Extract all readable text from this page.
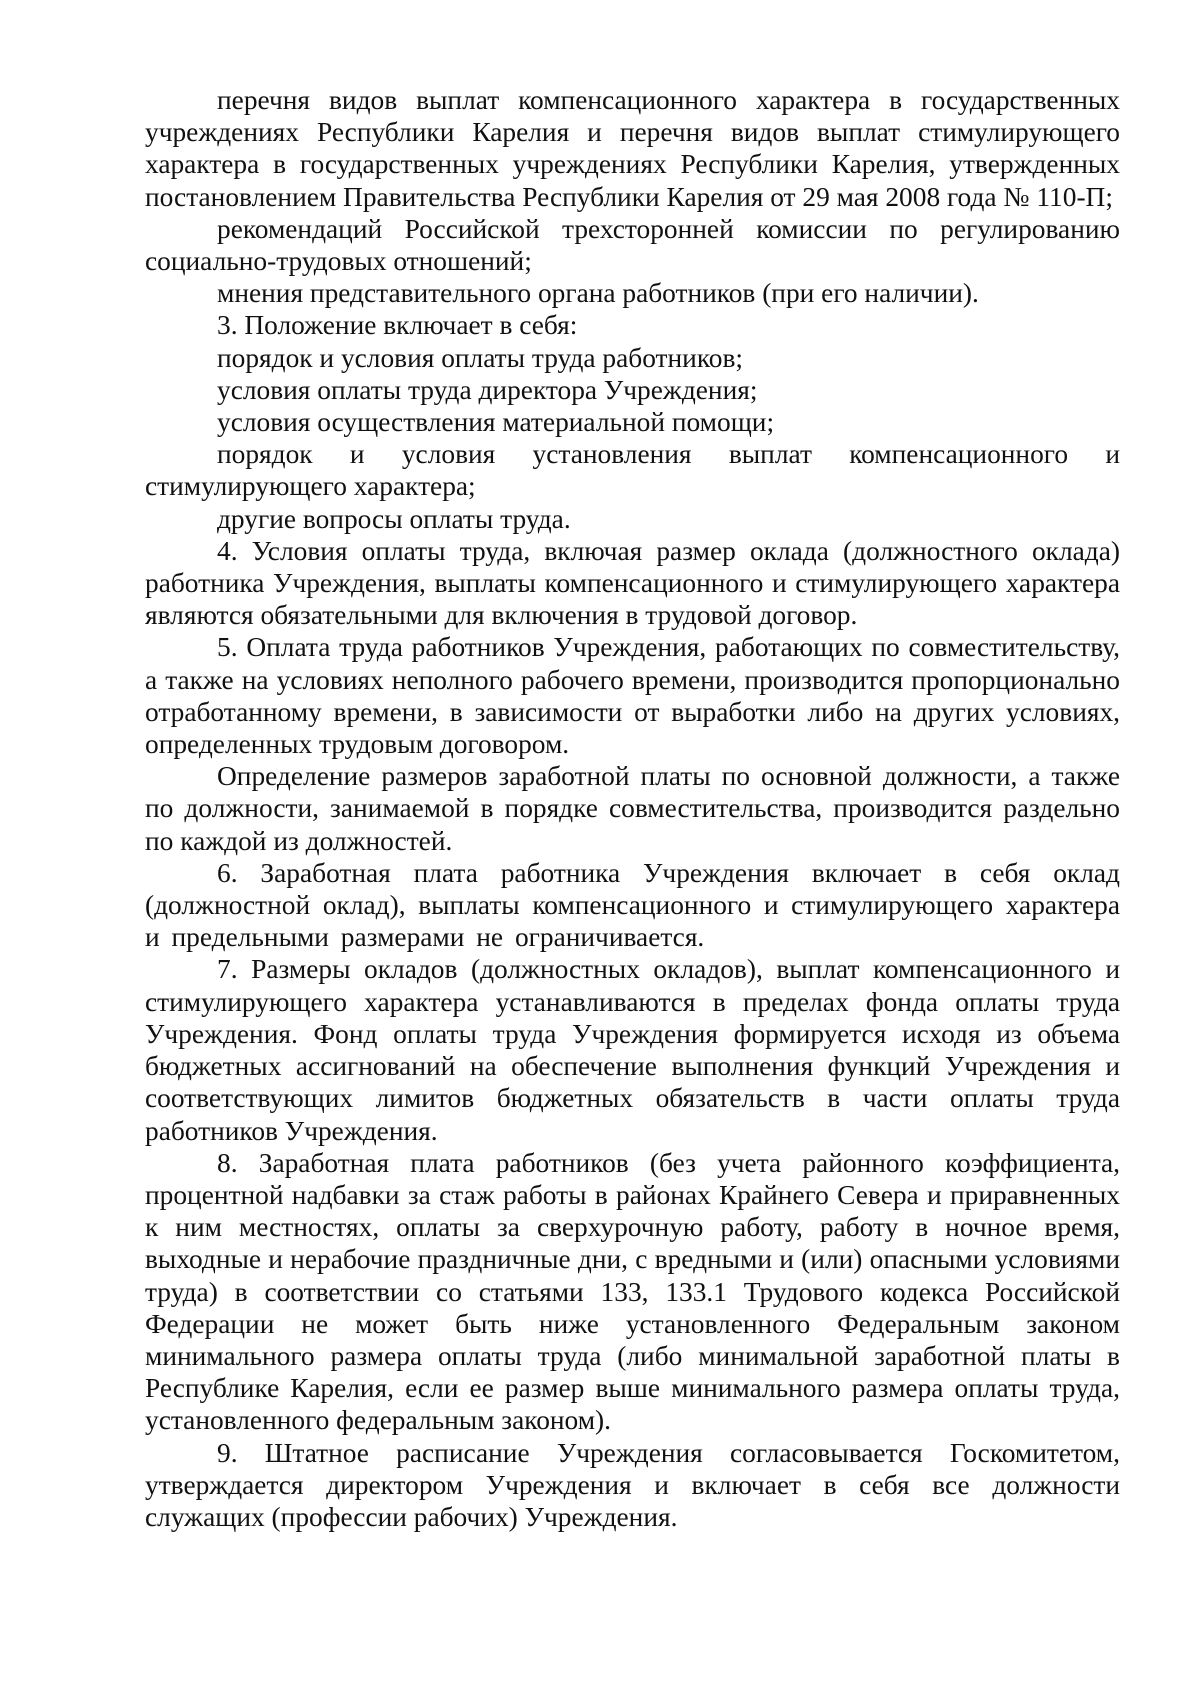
перечня видов выплат компенсационного характера в государственных учреждениях Республики Карелия и перечня видов выплат стимулирующего характера в государственных учреждениях Республики Карелия, утвержденных постановлением Правительства Республики Карелия от 29 мая 2008 года № 110-П;

рекомендаций Российской трехсторонней комиссии по регулированию социально-трудовых отношений;

мнения представительного органа работников (при его наличии).

3. Положение включает в себя:

порядок и условия оплаты труда работников;

условия оплаты труда директора Учреждения;

условия осуществления материальной помощи;

порядок и условия установления выплат компенсационного и стимулирующего характера;

другие вопросы оплаты труда.

4. Условия оплаты труда, включая размер оклада (должностного оклада) работника Учреждения, выплаты компенсационного и стимулирующего характера являются обязательными для включения в трудовой договор.

5. Оплата труда работников Учреждения, работающих по совместительству, а также на условиях неполного рабочего времени, производится пропорционально отработанному времени, в зависимости от выработки либо на других условиях, определенных трудовым договором.

Определение размеров заработной платы по основной должности, а также по должности, занимаемой в порядке совместительства, производится раздельно по каждой из должностей.

6. Заработная плата работника Учреждения включает в себя оклад (должностной оклад), выплаты компенсационного и стимулирующего характера и предельными размерами не ограничивается.

7. Размеры окладов (должностных окладов), выплат компенсационного и стимулирующего характера устанавливаются в пределах фонда оплаты труда Учреждения. Фонд оплаты труда Учреждения формируется исходя из объема бюджетных ассигнований на обеспечение выполнения функций Учреждения и соответствующих лимитов бюджетных обязательств в части оплаты труда работников Учреждения.

8. Заработная плата работников (без учета районного коэффициента, процентной надбавки за стаж работы в районах Крайнего Севера и приравненных к ним местностях, оплаты за сверхурочную работу, работу в ночное время, выходные и нерабочие праздничные дни, с вредными и (или) опасными условиями труда) в соответствии со статьями 133, 133.1 Трудового кодекса Российской Федерации не может быть ниже установленного Федеральным законом минимального размера оплаты труда (либо минимальной заработной платы в Республике Карелия, если ее размер выше минимального размера оплаты труда, установленного федеральным законом).

9. Штатное расписание Учреждения согласовывается Госкомитетом, утверждается директором Учреждения и включает в себя все должности служащих (профессии рабочих) Учреждения.
